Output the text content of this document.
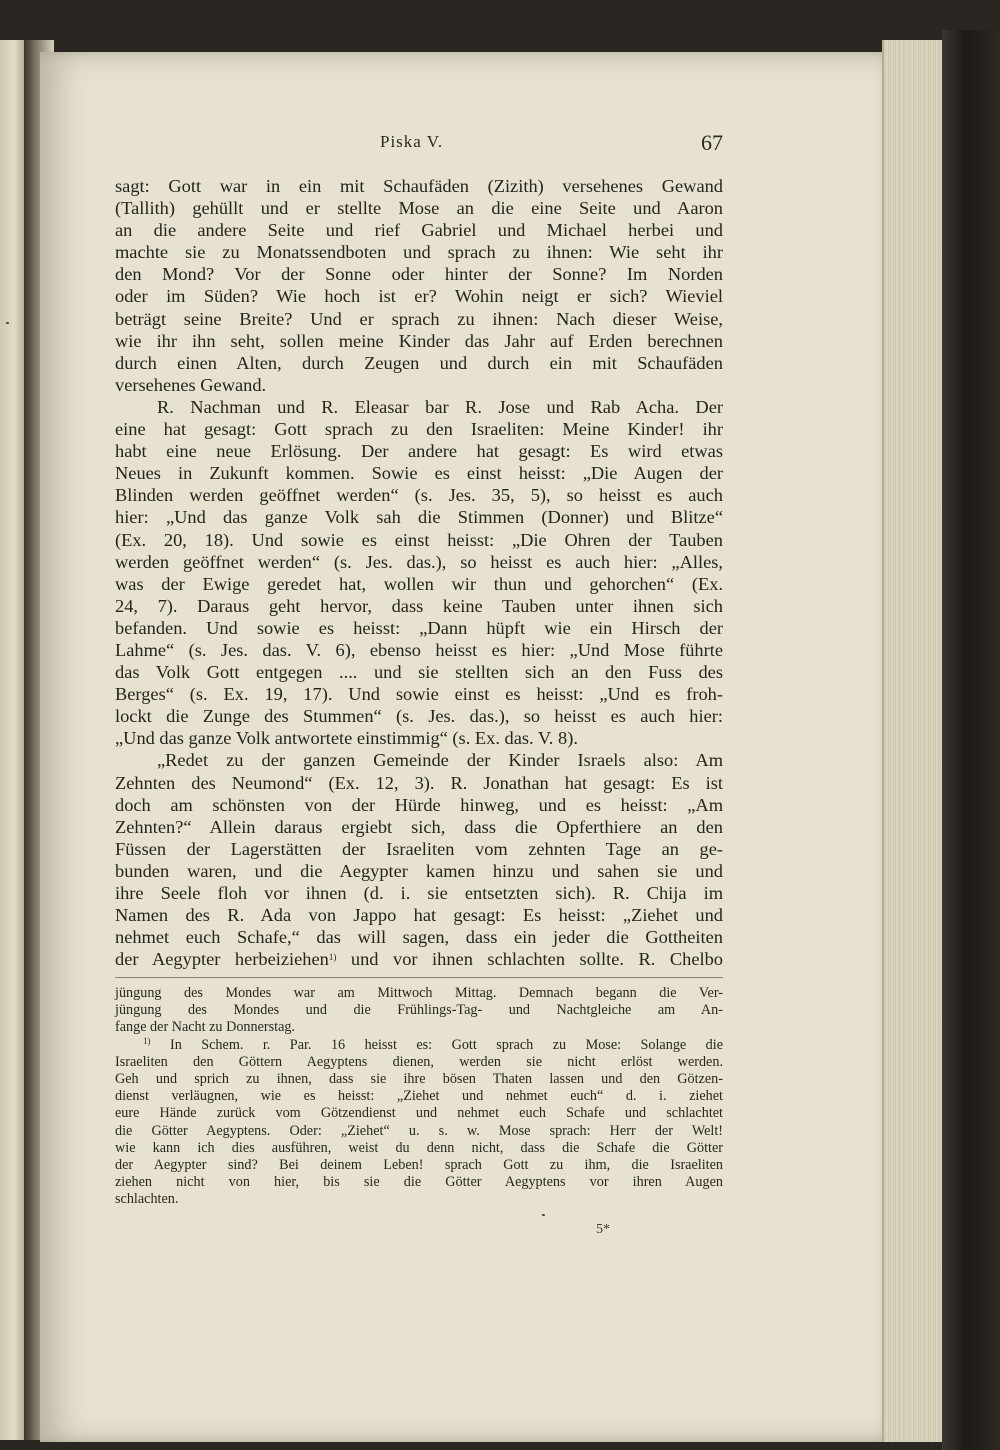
Piska V.	67
sagt: Gott war in ein mit Schaufäden (Zizith) versehenes Gewand
(Tallith) gehüllt und er stellte Mose an die eine Seite und Aaron
an die andere Seite und rief Gabriel und Michael herbei und
machte sie zu Monatssendboten und sprach zu ihnen: Wie seht ihr
den Mond? Vor der Sonne oder hinter der Sonne? Im Norden
oder im Süden? Wie hoch ist er? Wohin neigt er sich? Wieviel
beträgt seine Breite? Und er sprach zu ihnen: Nach dieser Weise,
wie ihr ihn seht, sollen meine Kinder das Jahr auf Erden berechnen
durch einen Alten, durch Zeugen und durch ein mit Schaufäden
versehenes Gewand.
R. Nachman und R. Eleasar bar R. Jose und Rab Acha. Der
eine hat gesagt: Gott sprach zu den Israeliten: Meine Kinder! ihr
habt eine neue Erlösung. Der andere hat gesagt: Es wird etwas
Neues in Zukunft kommen. Sowie es einst heisst: „Die Augen der
Blinden werden geöffnet werden“ (s. Jes. 35, 5), so heisst es auch
hier: „Und das ganze Volk sah die Stimmen (Donner) und Blitze“
(Ex. 20, 18). Und sowie es einst heisst: „Die Ohren der Tauben
werden geöffnet werden“ (s. Jes. das.), so heisst es auch hier: „Alles,
was der Ewige geredet hat, wollen wir thun und gehorchen“ (Ex.
24, 7). Daraus geht hervor, dass keine Tauben unter ihnen sich
befanden. Und sowie es heisst: „Dann hüpft wie ein Hirsch der
Lahme“ (s. Jes. das. V. 6), ebenso heisst es hier: „Und Mose führte
das Volk Gott entgegen .... und sie stellten sich an den Fuss des
Berges“ (s. Ex. 19, 17). Und sowie einst es heisst: „Und es froh-
lockt die Zunge des Stummen“ (s. Jes. das.), so heisst es auch hier:
„Und das ganze Volk antwortete einstimmig“ (s. Ex. das. V. 8).
„Redet zu der ganzen Gemeinde der Kinder Israels also: Am
Zehnten des Neumond“ (Ex. 12, 3). R. Jonathan hat gesagt: Es ist
doch am schönsten von der Hürde hinweg, und es heisst: „Am
Zehnten?“ Allein daraus ergiebt sich, dass die Opferthiere an den
Füssen der Lagerstätten der Israeliten vom zehnten Tage an ge-
bunden waren, und die Aegypter kamen hinzu und sahen sie und
ihre Seele floh vor ihnen (d. i. sie entsetzten sich). R. Chija im
Namen des R. Ada von Jappo hat gesagt: Es heisst: „Ziehet und
nehmet euch Schafe,“ das will sagen, dass ein jeder die Gottheiten
der Aegypter herbeiziehen$^{1)}$ und vor ihnen schlachten sollte. R. Chelbo
jüngung des Mondes war am Mittwoch Mittag. Demnach begann die Ver-
jüngung des Mondes und die Frühlings-Tag- und Nachtgleiche am An-
fange der Nacht zu Donnerstag.
$^{1)}$ In Schem. r. Par. 16 heisst es: Gott sprach zu Mose: Solange die
Israeliten den Göttern Aegyptens dienen, werden sie nicht erlöst werden.
Geh und sprich zu ihnen, dass sie ihre bösen Thaten lassen und den Götzen-
dienst verläugnen, wie es heisst: „Ziehet und nehmet euch“ d. i. ziehet
eure Hände zurück vom Götzendienst und nehmet euch Schafe und schlachtet
die Götter Aegyptens. Oder: „Ziehet“ u. s. w. Mose sprach: Herr der Welt!
wie kann ich dies ausführen, weist du denn nicht, dass die Schafe die Götter
der Aegypter sind? Bei deinem Leben! sprach Gott zu ihm, die Israeliten
ziehen nicht von hier, bis sie die Götter Aegyptens vor ihren Augen
schlachten.
5*
